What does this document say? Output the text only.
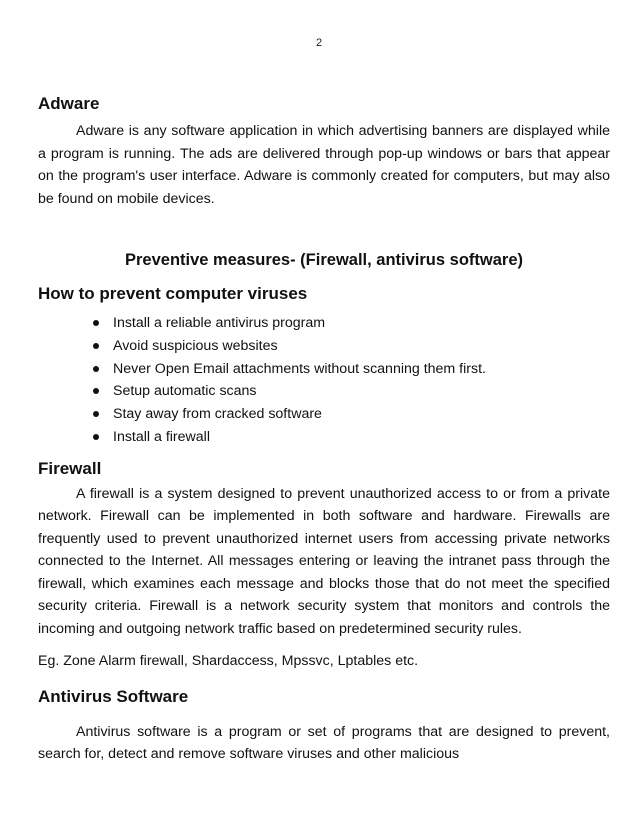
2
Adware

Adware is any software application in which advertising banners are displayed while a program is running. The ads are delivered through pop-up windows or bars that appear on the program's user interface. Adware is commonly created for computers, but may also be found on mobile devices.

Preventive measures- (Firewall, antivirus software)
How to prevent computer viruses
Install a reliable antivirus program
Avoid suspicious websites
Never Open Email attachments without scanning them first.
Setup automatic scans
Stay away from cracked software
Install a firewall
Firewall

A firewall is a system designed to prevent unauthorized access to or from a private network. Firewall can be implemented in both software and hardware. Firewalls are frequently used to prevent unauthorized internet users from accessing private networks connected to the Internet. All messages entering or leaving the intranet pass through the firewall, which examines each message and blocks those that do not meet the specified security criteria. Firewall is a network security system that monitors and controls the incoming and outgoing network traffic based on predetermined security rules.

Eg. Zone Alarm firewall, Shardaccess, Mpssvc, Lptables etc.

Antivirus Software

Antivirus software is a program or set of programs that are designed to prevent, search for, detect and remove software viruses and other malicious
